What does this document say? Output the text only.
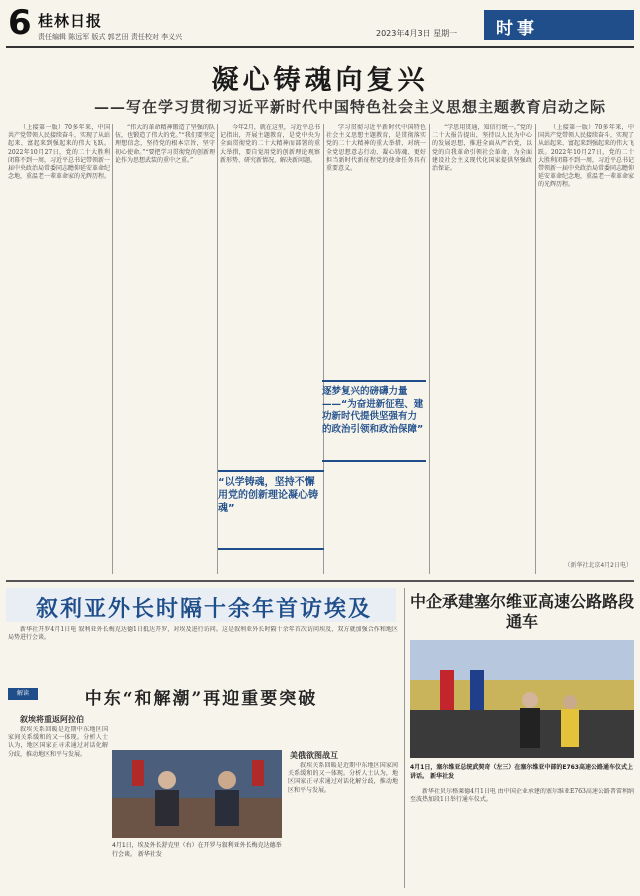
6 桂林日报
责任编辑 陈远军 版式 郭艺田 责任校对 李义兴	2023年4月3日 星期一 时事
凝心铸魂向复兴
——写在学习贯彻习近平新时代中国特色社会主义思想主题教育启动之际

（上接第一版）70多年来，中国共产党带领人民接续奋斗，实现了从站起来、富起来到强起来的伟大飞跃。2022年10月27日，党的二十大胜利闭幕不到一周，习近平总书记带领新一届中央政治局常委同志瞻仰延安革命纪念地，重温老一辈革命家的光辉历程。

“伟大的革命精神锻造了坚强的队伍，也锻造了伟大的党。”“我们要坚定理想信念，坚持党的根本宗旨，坚守初心使命。”“要把学习贯彻党的创新理论作为思想武装的重中之重。”

今年2月，就在这里，习近平总书记指出，开展主题教育，是党中央为全面贯彻党的二十大精神而部署的重大举措，要自觉用党的创新理论观察新形势、研究新情况、解决新问题。

学习贯彻习近平新时代中国特色社会主义思想主题教育，是贯彻落实党的二十大精神的重大举措，对统一全党思想意志行动、凝心铸魂、更好担当新时代新征程党的使命任务具有重要意义。

“学思用贯通，知信行统一。”党的二十大报告提出，坚持以人民为中心的发展思想，推进全面从严治党，以党的自我革命引领社会革命，为全面建设社会主义现代化国家提供坚强政治保证。

（上接第一版）70多年来，中国共产党带领人民接续奋斗，实现了从站起来、富起来到强起来的伟大飞跃。2022年10月27日，党的二十大胜利闭幕不到一周，习近平总书记带领新一届中央政治局常委同志瞻仰延安革命纪念地，重温老一辈革命家的光辉历程。

“以学铸魂，坚持不懈用党的创新理论凝心铸魂”
逐梦复兴的磅礴力量——“为奋进新征程、建功新时代提供坚强有力的政治引领和政治保障”
（新华社北京4月2日电）
叙利亚外长时隔十余年首访埃及

新华社开罗4月1日电 叙利亚外长梅克达德1日抵达开罗，对埃及进行访问。这是叙利亚外长时隔十余年首次访问埃及，双方就加强合作和地区局势进行会谈。

解读	中东“和解潮”再迎重要突破
叙埃将重返阿拉伯

叙埃关系回暖是近期中东地区国家间关系缓和的又一体现。分析人士认为，地区国家正寻求通过对话化解分歧，推动地区和平与发展。

4月1日，埃及外长舒克里（右）在开罗与叙利亚外长梅克达德举行会谈。 新华社发
美俄欲图战互

叙埃关系回暖是近期中东地区国家间关系缓和的又一体现。分析人士认为，地区国家正寻求通过对话化解分歧，推动地区和平与发展。

中企承建塞尔维亚高速公路路段通车
4月1日，塞尔维亚总统武契奇（左三）在塞尔维亚中部的E763高速公路通车仪式上讲话。 新华社发

新华社贝尔格莱德4月1日电 由中国企业承建的塞尔维亚E763高速公路普雷利纳至波热加段1日举行通车仪式。
